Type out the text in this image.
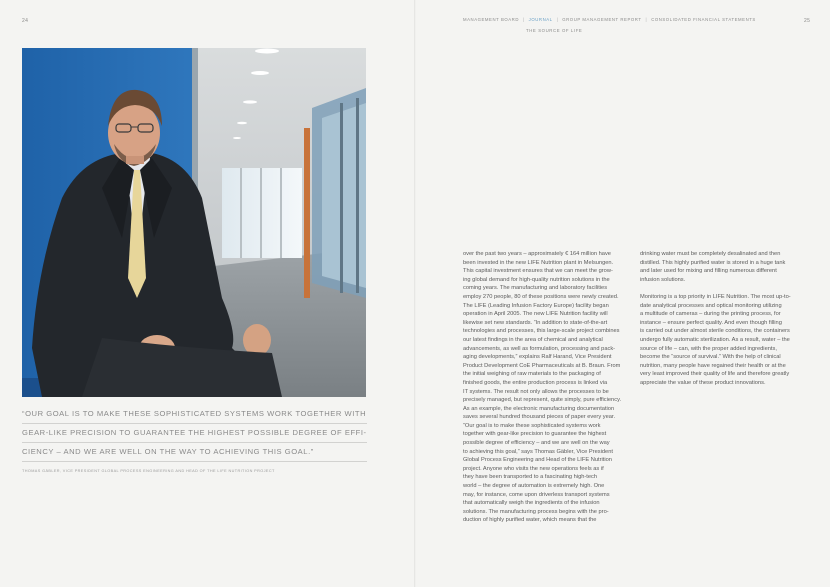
24	25
MANAGEMENT BOARD | JOURNAL | GROUP MANAGEMENT REPORT | CONSOLIDATED FINANCIAL STATEMENTS
THE SOURCE OF LIFE
“OUR GOAL IS TO MAKE THESE SOPHISTICATED SYSTEMS WORK TOGETHER WITH
GEAR-LIKE PRECISION TO GUARANTEE THE HIGHEST POSSIBLE DEGREE OF EFFI-
CIENCY – AND WE ARE WELL ON THE WAY TO ACHIEVING THIS GOAL.”
THOMAS GÄBLER, VICE PRESIDENT GLOBAL PROCESS ENGINEERING AND HEAD OF THE LIFE NUTRITION PROJECT
over the past two years – approximately € 164 million have
been invested in the new LIFE Nutrition plant in Melsungen.
This capital investment ensures that we can meet the grow-
ing global demand for high-quality nutrition solutions in the
coming years. The manufacturing and laboratory facilities
employ 270 people, 80 of these positions were newly created.
The LIFE (Leading Infusion Factory Europe) facility began
operation in April 2005. The new LIFE Nutrition facility will
likewise set new standards. “In addition to state-of-the-art
technologies and processes, this large-scale project combines
our latest findings in the area of chemical and analytical
advancements, as well as formulation, processing and pack-
aging developments,” explains Ralf Harand, Vice President
Product Development CoE Pharmaceuticals at B. Braun. From
the initial weighing of raw materials to the packaging of
finished goods, the entire production process is linked via
IT systems. The result not only allows the processes to be
precisely managed, but represent, quite simply, pure efficiency.
As an example, the electronic manufacturing documentation
saves several hundred thousand pieces of paper every year.
“Our goal is to make these sophisticated systems work
together with gear-like precision to guarantee the highest
possible degree of efficiency – and we are well on the way
to achieving this goal,” says Thomas Gäbler, Vice President
Global Process Engineering and Head of the LIFE Nutrition
project. Anyone who visits the new operations feels as if
they have been transported to a fascinating high-tech
world – the degree of automation is extremely high. One
may, for instance, come upon driverless transport systems
that automatically weigh the ingredients of the infusion
solutions. The manufacturing process begins with the pro-
duction of highly purified water, which means that the

drinking water must be completely desalinated and then
distilled. This highly purified water is stored in a huge tank
and later used for mixing and filling numerous different
infusion solutions.

Monitoring is a top priority in LIFE Nutrition. The most up-to-
date analytical processes and optical monitoring utilizing
a multitude of cameras – during the printing process, for
instance – ensure perfect quality. And even though filling
is carried out under almost sterile conditions, the containers
undergo fully automatic sterilization. As a result, water – the
source of life – can, with the proper added ingredients,
become the “source of survival.” With the help of clinical
nutrition, many people have regained their health or at the
very least improved their quality of life and therefore greatly
appreciate the value of these product innovations.
